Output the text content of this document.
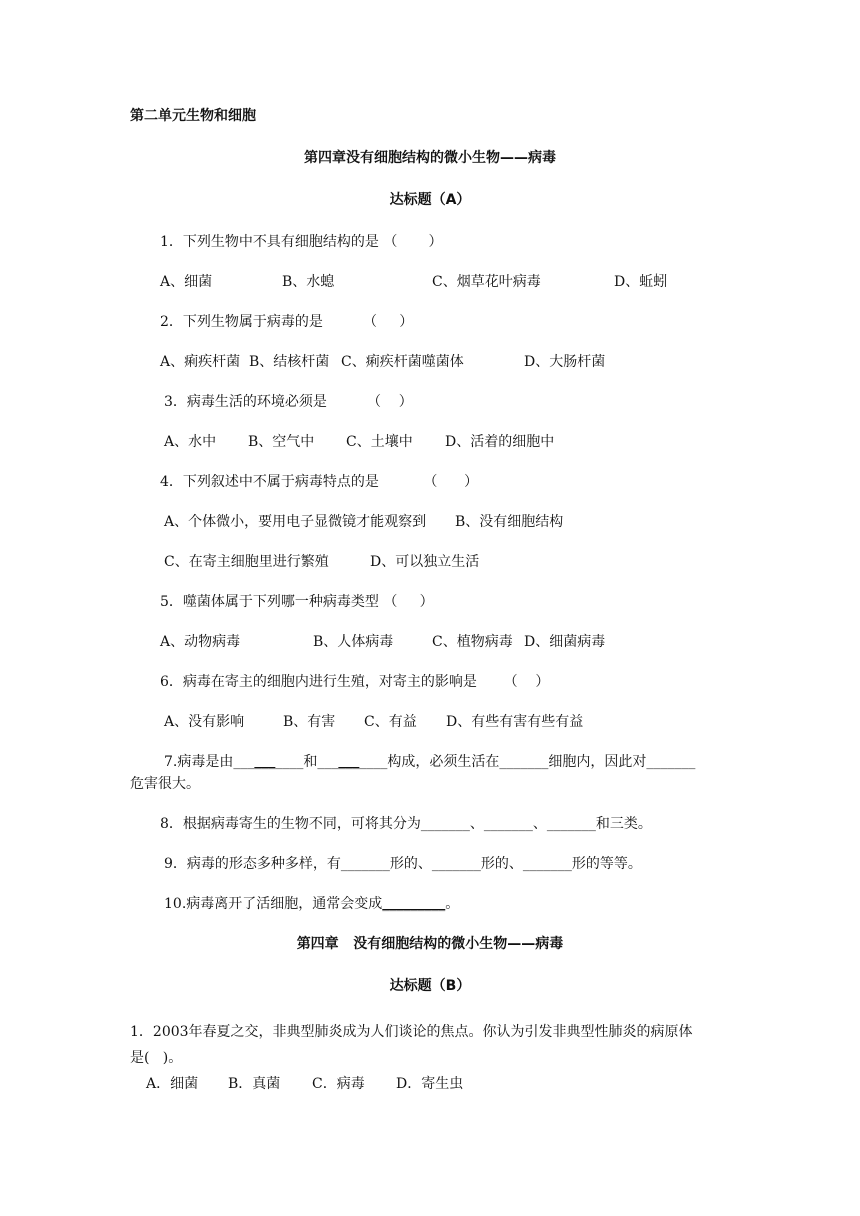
第二单元生物和细胞
第四章没有细胞结构的微小生物——病毒
达标题（A）
1．下列生物中不具有细胞结构的是 （       ）
A、细菌	B、水螅	C、烟草花叶病毒	D、蚯蚓
2．下列生物属于病毒的是         （     ）
A、痢疾杆菌 B、结核杆菌 C、痢疾杆菌噬菌体	D、大肠杆菌
3．病毒生活的环境必须是         （    ）
A、水中 B、空气中 C、土壤中 D、活着的细胞中
4．下列叙述中不属于病毒特点的是          （      ）
A、个体微小，要用电子显微镜才能观察到 B、没有细胞结构
C、在寄主细胞里进行繁殖	D、可以独立生活
5．噬菌体属于下列哪一种病毒类型 （     ）
A、动物病毒	B、人体病毒	C、植物病毒 D、细菌病毒
6．病毒在寄主的细胞内进行生殖，对寄主的影响是      （    ）
A、没有影响	B、有害 C、有益 D、有些有害有些有益
7.病毒是由__________和__________构成，必须生活在_______细胞内，因此对_______
危害很大。
8．根据病毒寄生的生物不同，可将其分为_______、_______、_______和三类。
9．病毒的形态多种多样，有_______形的、_______形的、_______形的等等。
10.病毒离开了活细胞，通常会变成_________。
第四章   没有细胞结构的微小生物——病毒
达标题（B）
1．2003年春夏之交，非典型肺炎成为人们谈论的焦点。你认为引发非典型性肺炎的病原体
是(   )。
A．细菌 B．真菌 C．病毒 D．寄生虫
